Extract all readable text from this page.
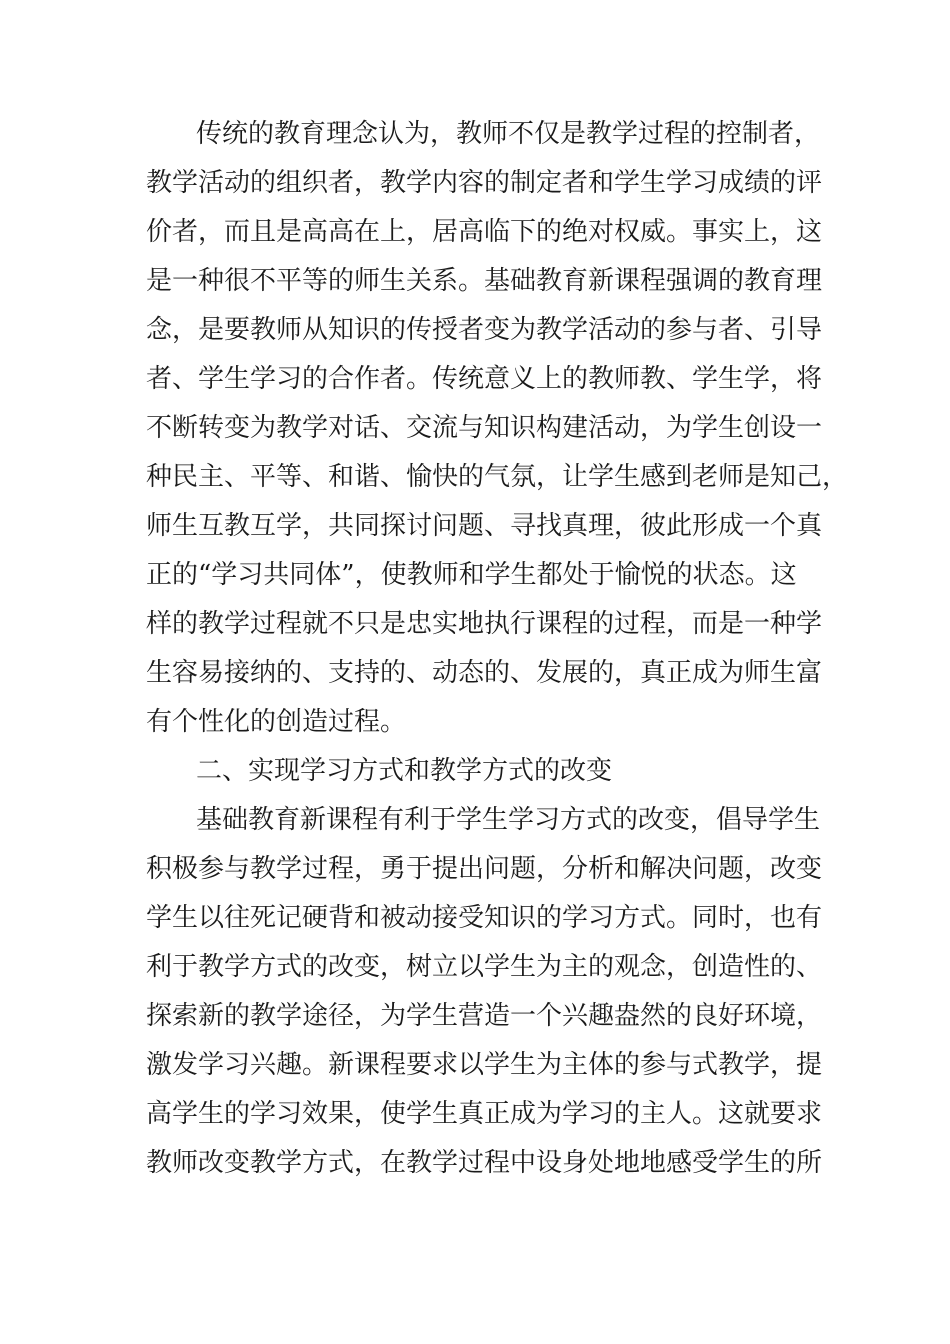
传统的教育理念认为，教师不仅是教学过程的控制者，
教学活动的组织者，教学内容的制定者和学生学习成绩的评
价者，而且是高高在上，居高临下的绝对权威。事实上，这
是一种很不平等的师生关系。基础教育新课程强调的教育理
念，是要教师从知识的传授者变为教学活动的参与者、引导
者、学生学习的合作者。传统意义上的教师教、学生学，将
不断转变为教学对话、交流与知识构建活动，为学生创设一
种民主、平等、和谐、愉快的气氛，让学生感到老师是知己，
师生互教互学，共同探讨问题、寻找真理，彼此形成一个真
正的“学习共同体”，使教师和学生都处于愉悦的状态。这
样的教学过程就不只是忠实地执行课程的过程，而是一种学
生容易接纳的、支持的、动态的、发展的，真正成为师生富
有个性化的创造过程。
二、实现学习方式和教学方式的改变
基础教育新课程有利于学生学习方式的改变，倡导学生
积极参与教学过程，勇于提出问题，分析和解决问题，改变
学生以往死记硬背和被动接受知识的学习方式。同时，也有
利于教学方式的改变，树立以学生为主的观念，创造性的、
探索新的教学途径，为学生营造一个兴趣盎然的良好环境，
激发学习兴趣。新课程要求以学生为主体的参与式教学，提
高学生的学习效果，使学生真正成为学习的主人。这就要求
教师改变教学方式，在教学过程中设身处地地感受学生的所
